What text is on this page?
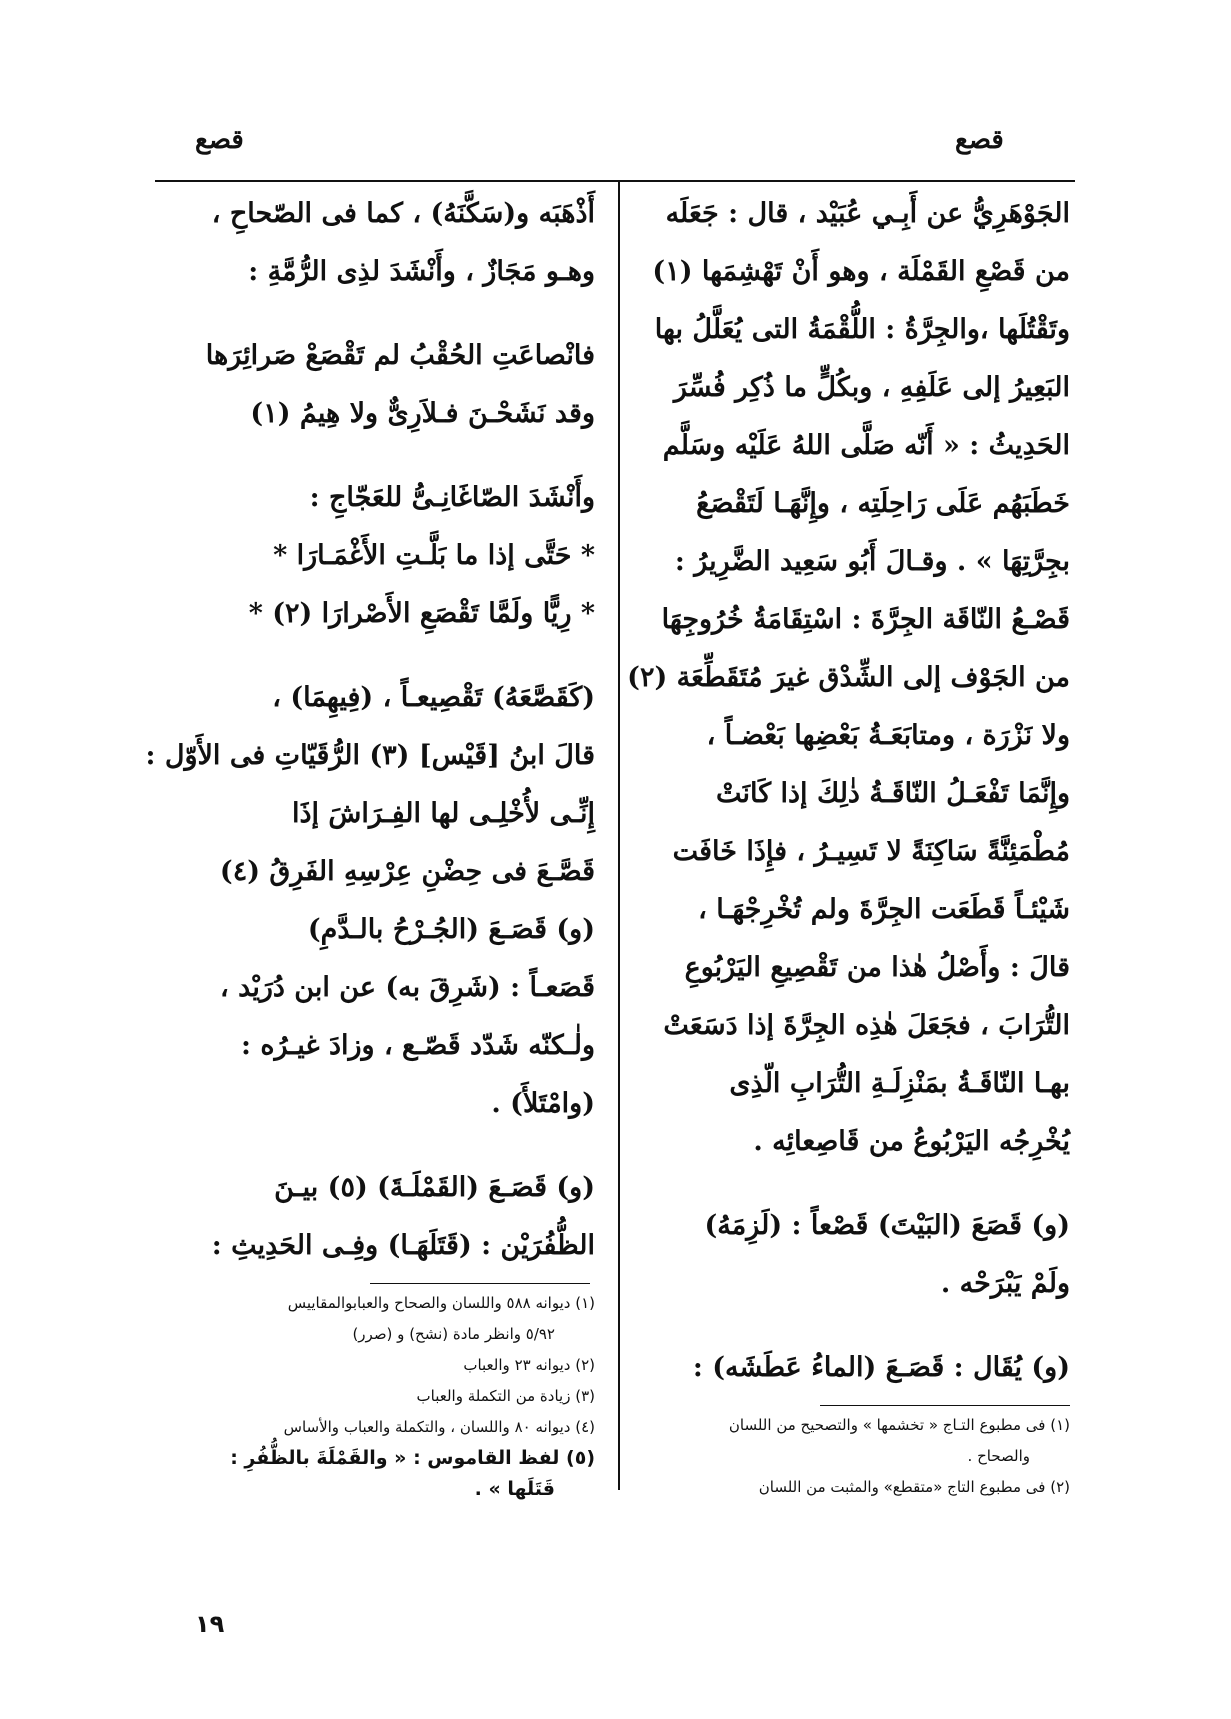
قصع
قصع
الجَوْهَرِيُّ عن أَبِـي عُبَيْد ، قال : جَعَلَه
من قَصْعِ القَمْلَة ، وهو أَنْ تَهْشِمَها (١)
وتَقْتُلَها ،والجِرَّةُ : اللُّقْمَةُ التى يُعَلَّلُ بها
البَعِيرُ إلى عَلَفِهِ ، وبكُلٍّ ما ذُكِر فُسِّرَ
الحَدِيثُ : « أَنّه صَلَّى اللهُ عَلَيْه وسَلَّم
خَطَبَهُم عَلَى رَاحِلَتِه ، وإِنَّهَـا لَتَقْصَعُ
بجِرَّتِهَا » . وقـالَ أَبُو سَعِيد الضَّرِيرُ :
قَصْـعُ النّاقَة الجِرَّةَ : اسْتِقَامَةُ خُرُوجِهَا
من الجَوْف إلى الشِّدْق غيرَ مُتَقَطِّعَة (٢)
ولا نَزْرَة ، ومتابَعَـةُ بَعْضِها بَعْضـاً ،
وإِنَّمَا تَفْعَـلُ النّاقَـةُ ذٰلِكَ إذا كَانَتْ
مُطْمَئِنَّةً سَاكِنَةً لا تَسِيـرُ ، فإِذَا خَافَت
شَيْئـاً قَطَعَت الجِرَّةَ ولم تُخْرِجْهَـا ،
قالَ : وأَصْلُ هٰذا من تَقْصِيعِ اليَرْبُوعِ
التُّرَابَ ، فجَعَلَ هٰذِه الجِرَّةَ إذا دَسَعَتْ
بهـا النّاقَـةُ بمَنْزِلَـةِ التُّرَابِ الّذِى
يُخْرِجُه اليَرْبُوعُ من قَاصِعائِه .
(و) قَصَعَ (البَيْتَ) قَصْعاً : (لَزِمَهُ)
ولَمْ يَبْرَحْه .
(و) يُقَال : قَصَـعَ (الماءُ عَطَشَه) :
أَذْهَبَه و(سَكَّنَهُ) ، كما فى الصّحاحِ ،
وهـو مَجَازٌ ، وأَنْشَدَ لذِى الرُّمَّةِ :
فانْصاعَتِ الحُقْبُ لم تَقْصَعْ صَرائِرَها
وقد نَشَحْـنَ فـلاَرِىٌّ ولا هِيمُ (١)
وأَنْشَدَ الصّاغَانِـىُّ للعَجّاجِ :
* حَتَّى إذا ما بَلَّـتِ الأَغْمَـارَا *
* رِيًّا ولَمَّا تَقْصَعِ الأَصْرارَا (٢) *
(كَقَصَّعَهُ) تَقْصِيعـاً ، (فِيهِمَا) ،
قالَ ابنُ [قَيْس] (٣) الرُّقَيّاتِ فى الأَوّل :
إِنِّـى لأُخْلِـى لها الفِـرَاشَ إذَا
قَصَّـعَ فى حِضْنِ عِرْسِهِ الفَرِقُ (٤)
(و) قَصَـعَ (الجُـرْحُ بالـدَّمِ)
قَصَعـاً : (شَرِقَ به) عن ابن دُرَيْد ،
ولٰـكنّه شَدّد قَصّـع ، وزادَ غيـرُه :
(وامْتَلأَ) .
(و) قَصَـعَ (القَمْلَـةَ) (٥) بيـنَ
الظُّفُرَيْن : (قَتَلَهَـا) وفِـى الحَدِيثِ :
(١) فى مطبوع التـاج « تخشمها » والتصحيح من اللسان
والصحاح .
(٢) فى مطبوع التاج «متقطع» والمثبت من اللسان
(١) ديوانه ٥٨٨ واللسان والصحاح والعبابوالمقاييس
٥/٩٢ وانظر مادة (نشح) و (صرر)
(٢) ديوانه ٢٣ والعباب
(٣) زيادة من التكملة والعباب
(٤) ديوانه ٨٠ واللسان ، والتكملة والعباب والأساس
(٥) لفظ القاموس : « والقَمْلَةَ بالظُّفُرِ :
قَتَلَها » .
١٩
